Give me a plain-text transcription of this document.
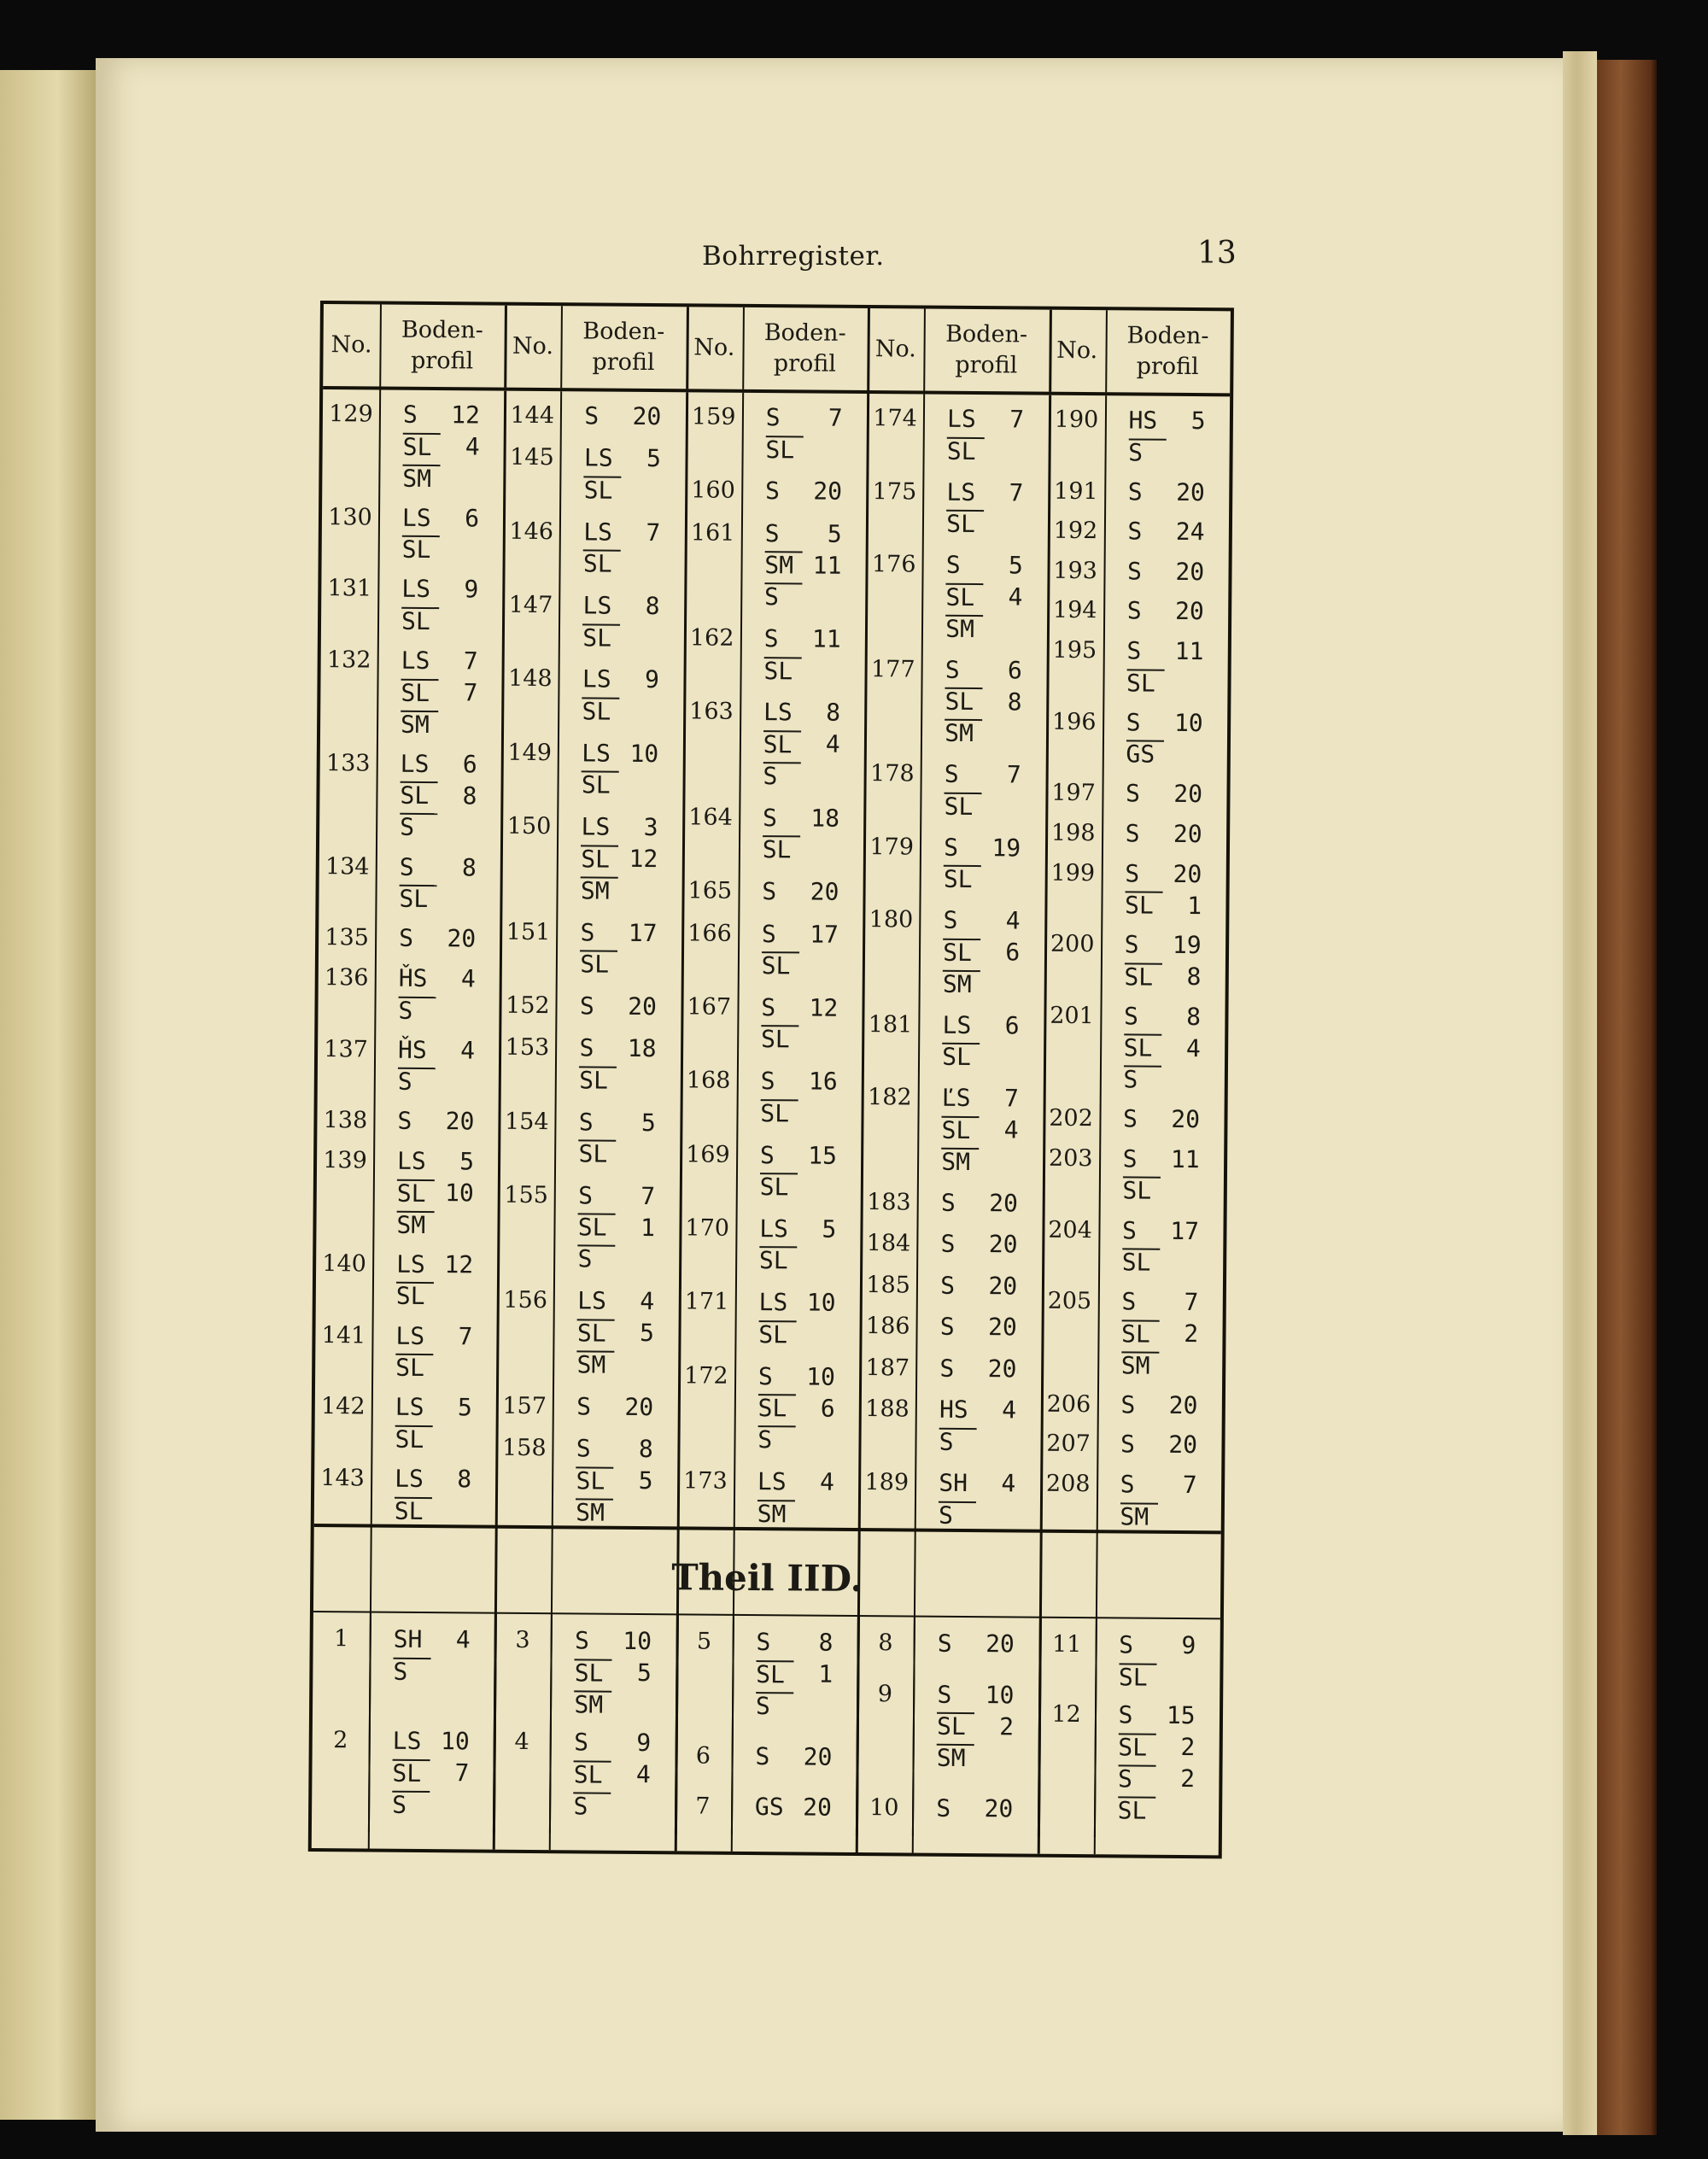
Bohrregister.	13
No.
Boden-
profil
No.
Boden-
profil
No.
Boden-
profil
No.
Boden-
profil
No.
Boden-
profil
129 S	12
SL	4
SM
130 LS	6
SL
131 LS	9
SL
132 LS	7
SL	7
SM
133 LS	6
SL	8
S
134 S	8
SL
135 S	20
136 ȞS	4
S
137 ȞS	4
S
138 S	20
139 LS	5
SL 10
SM
140 LS 12
SL
141 LS	7
SL
142 LS	5
SL
143 LS	8
SL
144 S	20
145 LS	5
SL
146 LS	7
SL
147 LS	8
SL
148 LS	9
SL
149 LS 10
SL
150 LS	3
SL 12
SM
151 S	17
SL
152 S	20
153 S	18
SL
154 S	5
SL
155 S	7
SL	1
S
156 LS	4
SL	5
SM
157 S	20
158 S	8
SL	5
SM
159 S	7
SL
160 S	20
161 S	5
SM 11
S
162 S	11
SL
163 LS	8
SL	4
S
164 S	18
SL
165 S	20
166 S	17
SL
167 S	12
SL
168 S	16
SL
169 S	15
SL
170 LS	5
SL
171 LS 10
SL
172 S	10
SL	6
S
173 LS	4
SM
174 LS	7
SL
175 LS	7
SL
176 S	5
SL	4
SM
177 S	6
SL	8
SM
178 S	7
SL
179 S	19
SL
180 S	4
SL	6
SM
181 LS	6
SL
182 ĽS	7
SL	4
SM
183 S	20
184 S	20
185 S	20
186 S	20
187 S	20
188 HS	4
S
189 SH	4
S
190 HS	5
S
191 S	20
192 S	24
193 S	20
194 S	20
195 S	11
SL
196 S	10
GS
197 S	20
198 S	20
199 S	20
SL	1
200 S	19
SL	8
201 S	8
SL	4
S
202 S	20
203 S	11
SL
204 S	17
SL
205 S	7
SL	2
SM
206 S	20
207 S	20
208 S	7
SM
Theil IID.
1	SH	4
S
2	LS 10
SL	7
S
3	S	10
SL	5
SM
4	S	9
SL	4
S
5	S	8
SL	1
S
6	S	20
7	GS 20
8	S	20
9	S	10
SL	2
SM
10	S	20
11	S	9
SL
12	S	15
SL	2
S	2
SL
